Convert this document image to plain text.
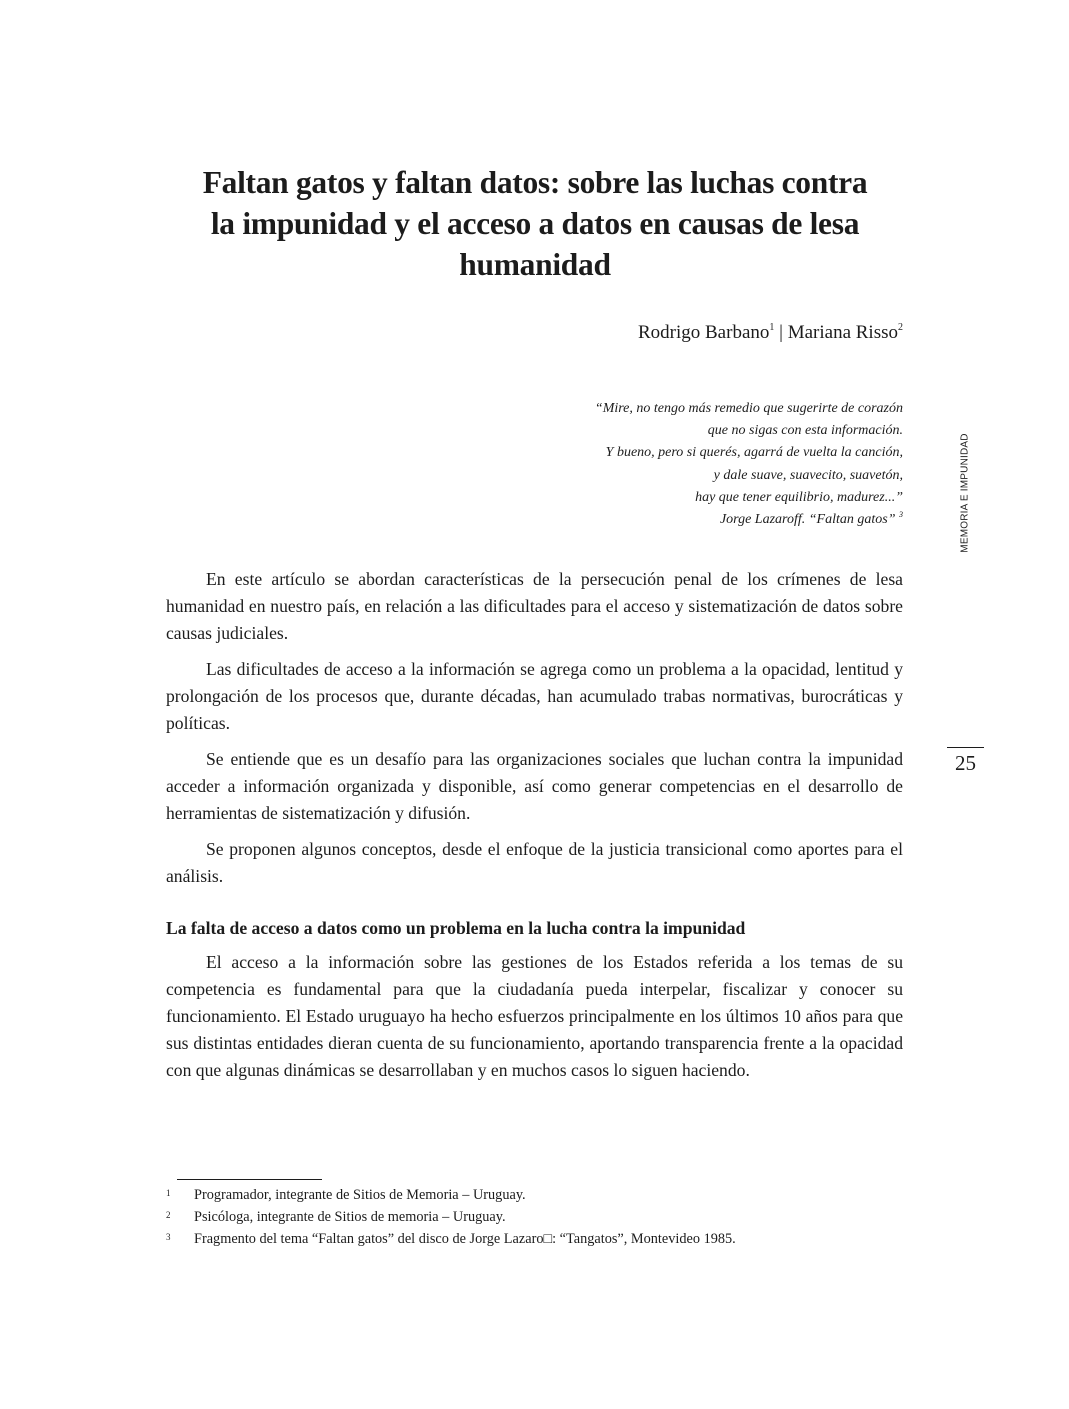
Faltan gatos y faltan datos: sobre las luchas contra
la impunidad y el acceso a datos en causas de lesa
humanidad
Rodrigo Barbano$^1$ | Mariana Risso$^2$
“Mire, no tengo más remedio que sugerirte de corazón
que no sigas con esta información.
Y bueno, pero si querés, agarrá de vuelta la canción,
y dale suave, suavecito, suavetón,
hay que tener equilibrio, madurez...”
Jorge Lazaroff. “Faltan gatos” $^3$	MEMORIA E IMPUNIDAD
25

En este artículo se abordan características de la persecución penal de los crímenes de lesa humanidad en nuestro país, en relación a las dificultades para el acceso y sistematización de datos sobre causas judiciales.

Las dificultades de acceso a la información se agrega como un problema a la opacidad, lentitud y prolongación de los procesos que, durante décadas, han acumulado trabas normativas, burocráticas y políticas.

Se entiende que es un desafío para las organizaciones sociales que luchan contra la impunidad acceder a información organizada y disponible, así como generar competencias en el desarrollo de herramientas de sistematización y difusión.

Se proponen algunos conceptos, desde el enfoque de la justicia transicional como aportes para el análisis.

La falta de acceso a datos como un problema en la lucha contra la impunidad

El acceso a la información sobre las gestiones de los Estados referida a los temas de su competencia es fundamental para que la ciudadanía pueda interpelar, fiscalizar y conocer su funcionamiento. El Estado uruguayo ha hecho esfuerzos principalmente en los últimos 10 años para que sus distintas entidades dieran cuenta de su funcionamiento, aportando transparencia frente a la opacidad con que algunas dinámicas se desarrollaban y en muchos casos lo siguen haciendo.

1 Programador, integrante de Sitios de Memoria – Uruguay.
2 Psicóloga, integrante de Sitios de memoria – Uruguay.
3 Fragmento del tema “Faltan gatos” del disco de Jorge Lazaro□: “Tangatos”, Montevideo 1985.
